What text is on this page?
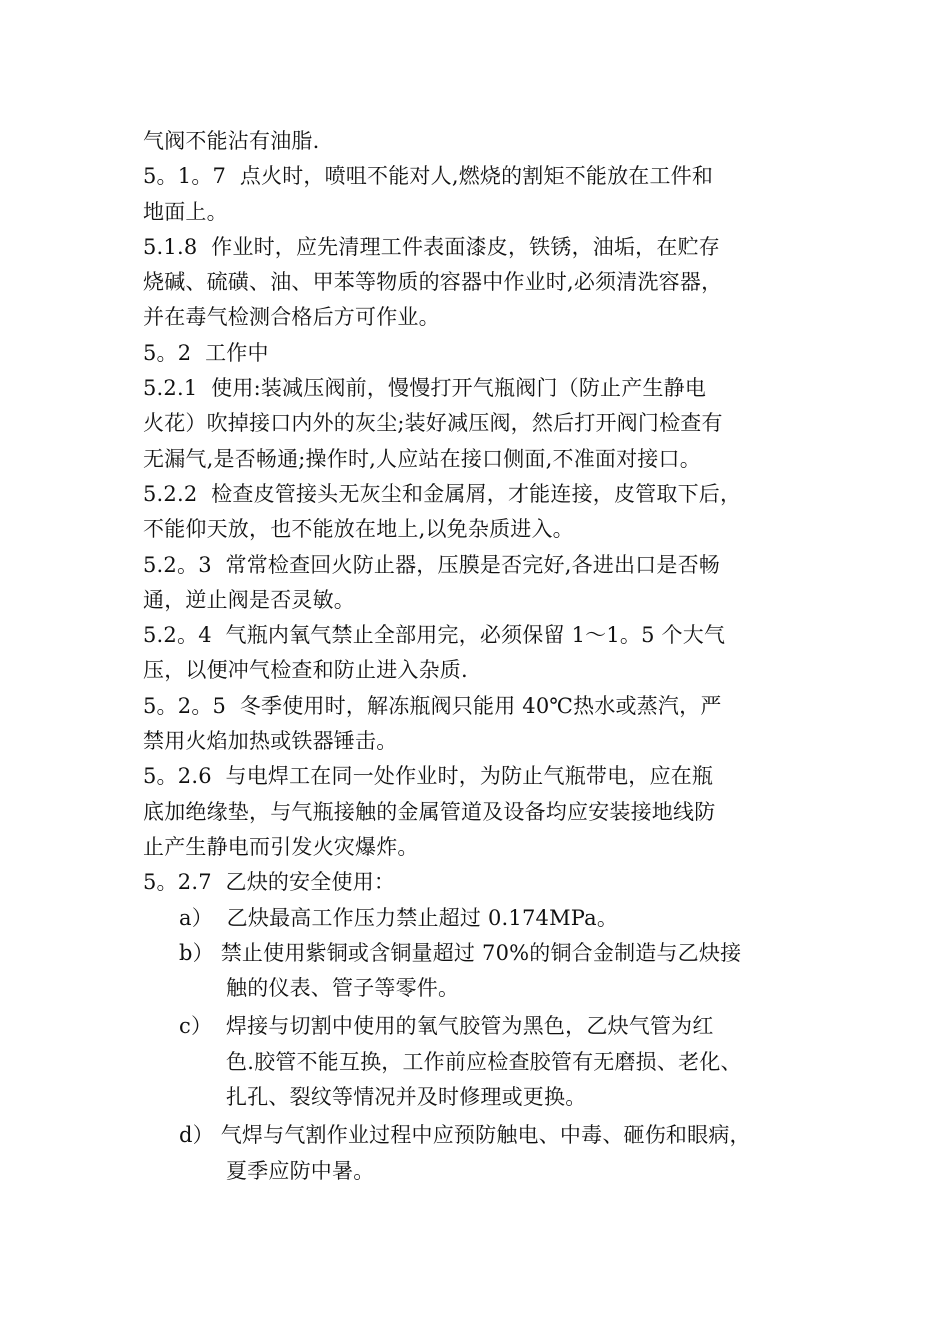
气阀不能沾有油脂.
5。1。7  点火时，喷咀不能对人,燃烧的割矩不能放在工件和
地面上。
5.1.8  作业时，应先清理工件表面漆皮，铁锈，油垢，在贮存
烧碱、硫磺、油、甲苯等物质的容器中作业时,必须清洗容器，
并在毒气检测合格后方可作业。
5。2  工作中
5.2.1  使用:装减压阀前，慢慢打开气瓶阀门（防止产生静电
火花）吹掉接口内外的灰尘;装好减压阀，然后打开阀门检查有
无漏气,是否畅通;操作时,人应站在接口侧面,不准面对接口。
5.2.2  检查皮管接头无灰尘和金属屑，才能连接，皮管取下后，
不能仰天放，也不能放在地上,以免杂质进入。
5.2。3  常常检查回火防止器，压膜是否完好,各进出口是否畅
通，逆止阀是否灵敏。
5.2。4  气瓶内氧气禁止全部用完，必须保留 1～1。5 个大气
压，以便冲气检查和防止进入杂质.
5。2。5  冬季使用时，解冻瓶阀只能用 40℃热水或蒸汽，严
禁用火焰加热或铁器锤击。
5。2.6  与电焊工在同一处作业时，为防止气瓶带电，应在瓶
底加绝缘垫，与气瓶接触的金属管道及设备均应安装接地线防
止产生静电而引发火灾爆炸。
5。2.7  乙炔的安全使用：
a）  乙炔最高工作压力禁止超过 0.174MPa。
b） 禁止使用紫铜或含铜量超过 70%的铜合金制造与乙炔接
触的仪表、管子等零件。
c）  焊接与切割中使用的氧气胶管为黑色，乙炔气管为红
色.胶管不能互换，工作前应检查胶管有无磨损、老化、
扎孔、裂纹等情况并及时修理或更换。
d） 气焊与气割作业过程中应预防触电、中毒、砸伤和眼病，
夏季应防中暑。
